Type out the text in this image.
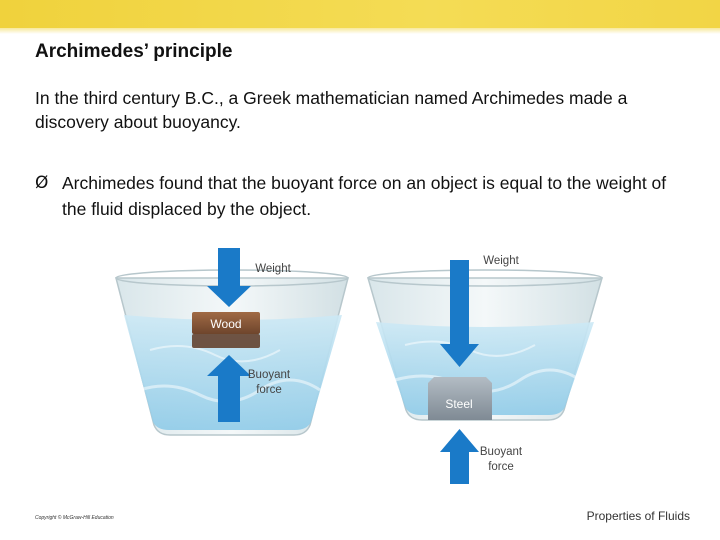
Archimedes’ principle
In the third century B.C., a Greek mathematician named Archimedes made a discovery about buoyancy.
Ø Archimedes found that the buoyant force on an object is equal to the weight of the fluid displaced by the object.
Weight
Wood
Buoyant
force
Weight
Steel
Buoyant
force
Copyright © McGraw-Hill Education	Properties of Fluids
